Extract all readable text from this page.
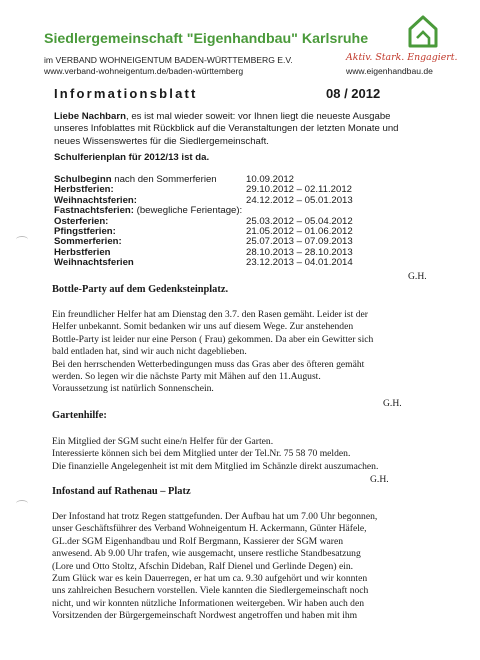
Siedlergemeinschaft "Eigenhandbau" Karlsruhe
im VERBAND WOHNEIGENTUM BADEN-WÜRTTEMBERG E.V.
www.verband-wohneigentum.de/baden-württemberg
Aktiv. Stark. Engagiert.
www.eigenhandbau.de
Informationsblatt	08 / 2012
Liebe Nachbarn, es ist mal wieder soweit: vor Ihnen liegt die neueste Ausgabe
unseres Infoblattes mit Rückblick auf die Veranstaltungen der letzten Monate und
neues Wissenswertes für die Siedlergemeinschaft.
Schulferienplan für 2012/13 ist da.
Schulbeginn nach den Sommerferien	10.09.2012
Herbstferien:	29.10.2012 – 02.11.2012
Weihnachtsferien:	24.12.2012 – 05.01.2013
Fastnachtsferien: (bewegliche Ferientage):
Osterferien:	25.03.2012 – 05.04.2012
Pfingstferien:	21.05.2012 – 01.06.2012
Sommerferien:	25.07.2013 – 07.09.2013
Herbstferien	28.10.2013 – 28.10.2013
Weihnachtsferien	23.12.2013 – 04.01.2014
G.H.
Bottle-Party auf dem Gedenksteinplatz.
Ein freundlicher Helfer hat am Dienstag den 3.7. den Rasen gemäht. Leider ist der
Helfer unbekannt. Somit bedanken wir uns auf diesem Wege. Zur anstehenden
Bottle-Party ist leider nur eine Person ( Frau) gekommen. Da aber ein Gewitter sich
bald entladen hat, sind wir auch nicht dageblieben.
Bei den herrschenden Wetterbedingungen muss das Gras aber des öfteren gemäht
werden. So legen wir die nächste Party mit Mähen auf den 11.August.
Voraussetzung ist natürlich Sonnenschein.
G.H.
Gartenhilfe:
Ein Mitglied der SGM sucht eine/n Helfer für der Garten.
Interessierte können sich bei dem Mitglied unter der Tel.Nr. 75 58 70 melden.
Die finanzielle Angelegenheit ist mit dem Mitglied im Schänzle direkt auszumachen.
G.H.
Infostand auf Rathenau – Platz
Der Infostand hat trotz Regen stattgefunden. Der Aufbau hat um 7.00 Uhr begonnen,
unser Geschäftsführer des Verband Wohneigentum H. Ackermann, Günter Häfele,
GL.der SGM Eigenhandbau und Rolf Bergmann, Kassierer der SGM waren
anwesend. Ab 9.00 Uhr trafen, wie ausgemacht, unsere restliche Standbesatzung
(Lore und Otto Stoltz, Afschin Dideban, Ralf Dienel und Gerlinde Degen) ein.
Zum Glück war es kein Dauerregen, er hat um ca. 9.30 aufgehört und wir konnten
uns zahlreichen Besuchern vorstellen. Viele kannten die Siedlergemeinschaft noch
nicht, und wir konnten nützliche Informationen weitergeben. Wir haben auch den
Vorsitzenden der Bürgergemeinschaft Nordwest angetroffen und haben mit ihm
